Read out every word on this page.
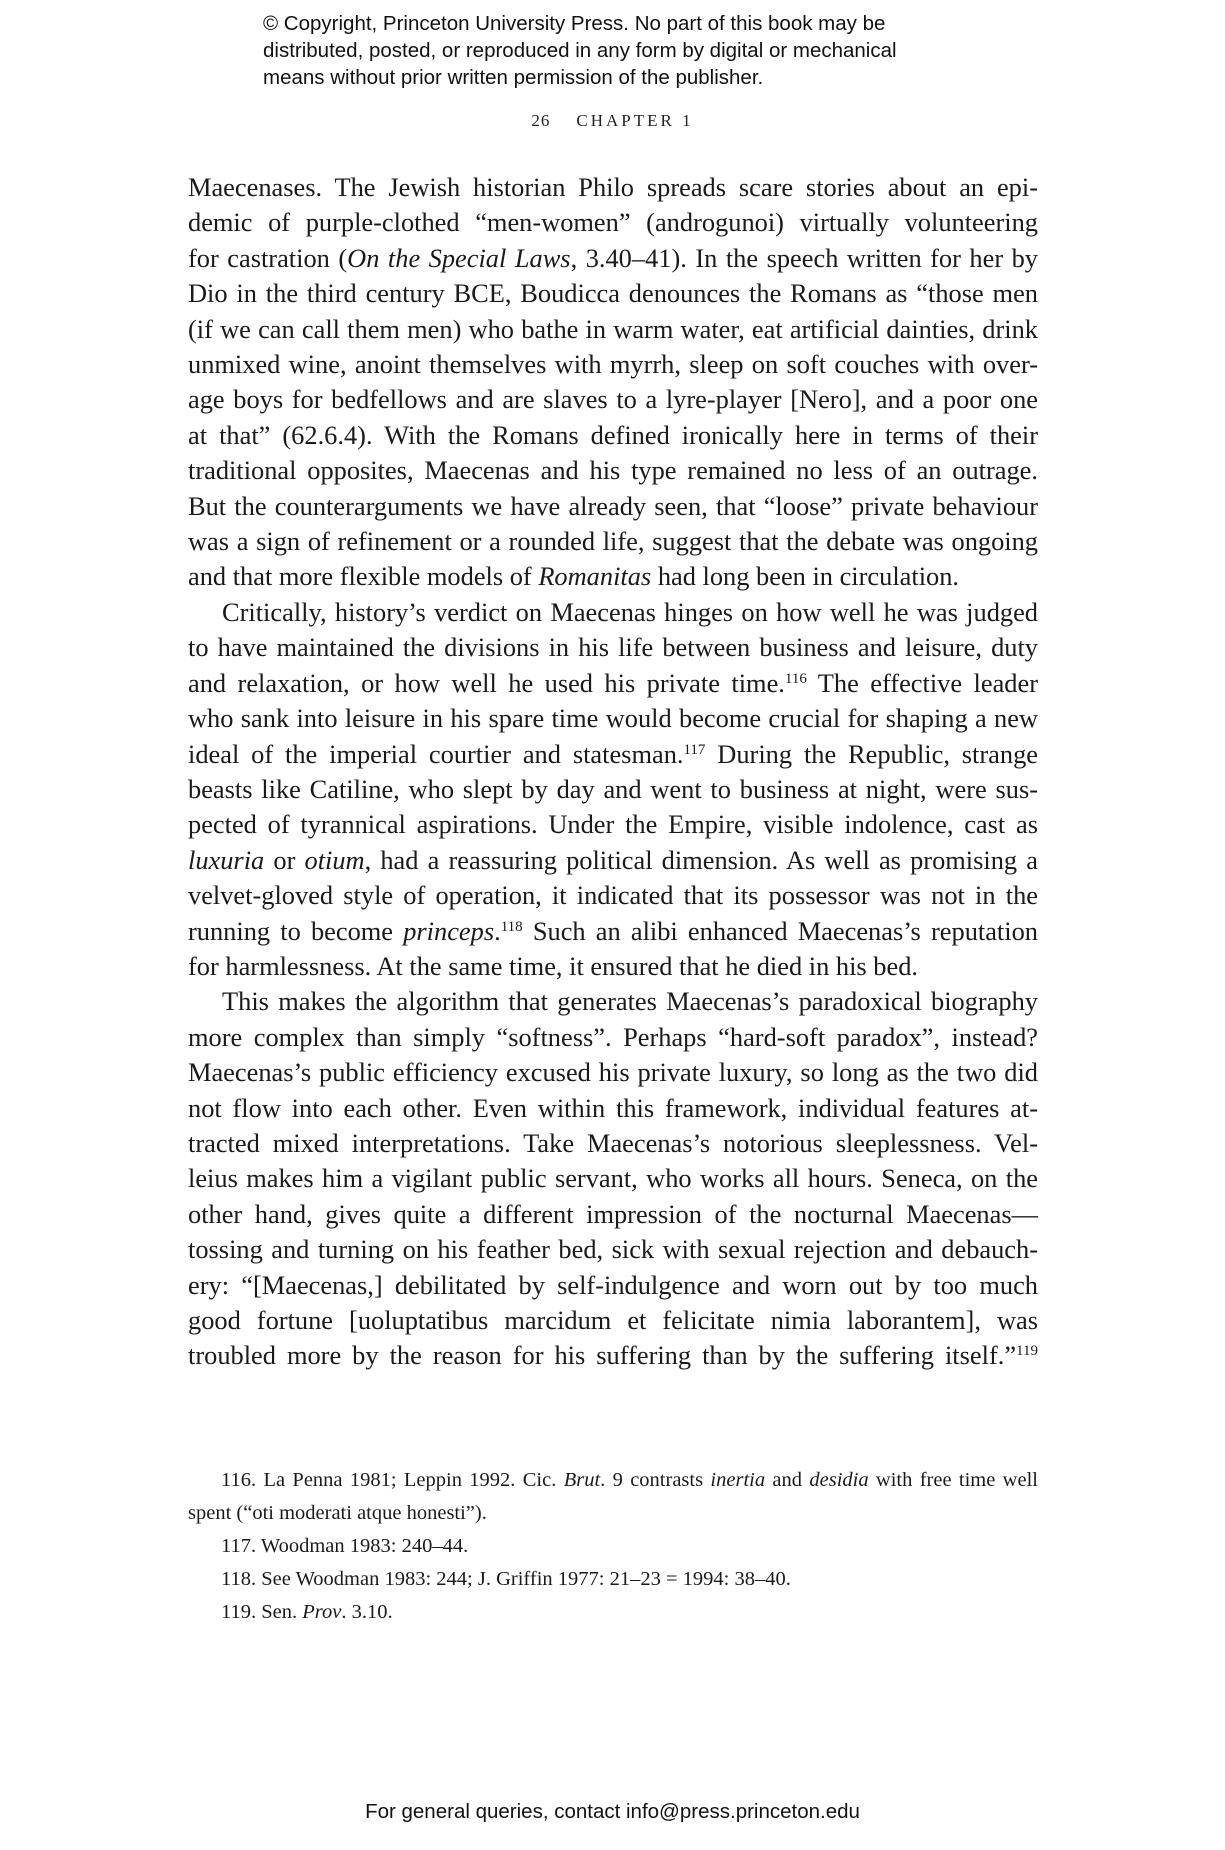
© Copyright, Princeton University Press. No part of this book may be
distributed, posted, or reproduced in any form by digital or mechanical
means without prior written permission of the publisher.
26 CHAPTER 1

Maecenases. The Jewish historian Philo spreads scare stories about an epi-

demic of purple-clothed “men-women” (androgunoi) virtually volunteering

for castration (On the Special Laws, 3.40–41). In the speech written for her by

Dio in the third century BCE, Boudicca denounces the Romans as “those men

(if we can call them men) who bathe in warm water, eat artificial dainties, drink

unmixed wine, anoint themselves with myrrh, sleep on soft couches with over-

age boys for bedfellows and are slaves to a lyre-player [Nero], and a poor one

at that” (62.6.4). With the Romans defined ironically here in terms of their

traditional opposites, Maecenas and his type remained no less of an outrage.

But the counterarguments we have already seen, that “loose” private behaviour

was a sign of refinement or a rounded life, suggest that the debate was ongoing

and that more flexible models of Romanitas had long been in circulation.

Critically, history’s verdict on Maecenas hinges on how well he was judged

to have maintained the divisions in his life between business and leisure, duty

and relaxation, or how well he used his private time.$^{116}$ The effective leader

who sank into leisure in his spare time would become crucial for shaping a new

ideal of the imperial courtier and statesman.$^{117}$ During the Republic, strange

beasts like Catiline, who slept by day and went to business at night, were sus-

pected of tyrannical aspirations. Under the Empire, visible indolence, cast as

luxuria or otium, had a reassuring political dimension. As well as promising a

velvet-gloved style of operation, it indicated that its possessor was not in the

running to become princeps.$^{118}$ Such an alibi enhanced Maecenas’s reputation

for harmlessness. At the same time, it ensured that he died in his bed.

This makes the algorithm that generates Maecenas’s paradoxical biography

more complex than simply “softness”. Perhaps “hard-soft paradox”, instead?

Maecenas’s public efficiency excused his private luxury, so long as the two did

not flow into each other. Even within this framework, individual features at-

tracted mixed interpretations. Take Maecenas’s notorious sleeplessness. Vel-

leius makes him a vigilant public servant, who works all hours. Seneca, on the

other hand, gives quite a different impression of the nocturnal Maecenas—

tossing and turning on his feather bed, sick with sexual rejection and debauch-

ery: “[Maecenas,] debilitated by self-indulgence and worn out by too much

good fortune [uoluptatibus marcidum et felicitate nimia laborantem], was

troubled more by the reason for his suffering than by the suffering itself.”$^{119}$

116. La Penna 1981; Leppin 1992. Cic. Brut. 9 contrasts inertia and desidia with free time well

spent (“oti moderati atque honesti”).

117. Woodman 1983: 240–44.

118. See Woodman 1983: 244; J. Griffin 1977: 21–23 = 1994: 38–40.

119. Sen. Prov. 3.10.

For general queries, contact info@press.princeton.edu
